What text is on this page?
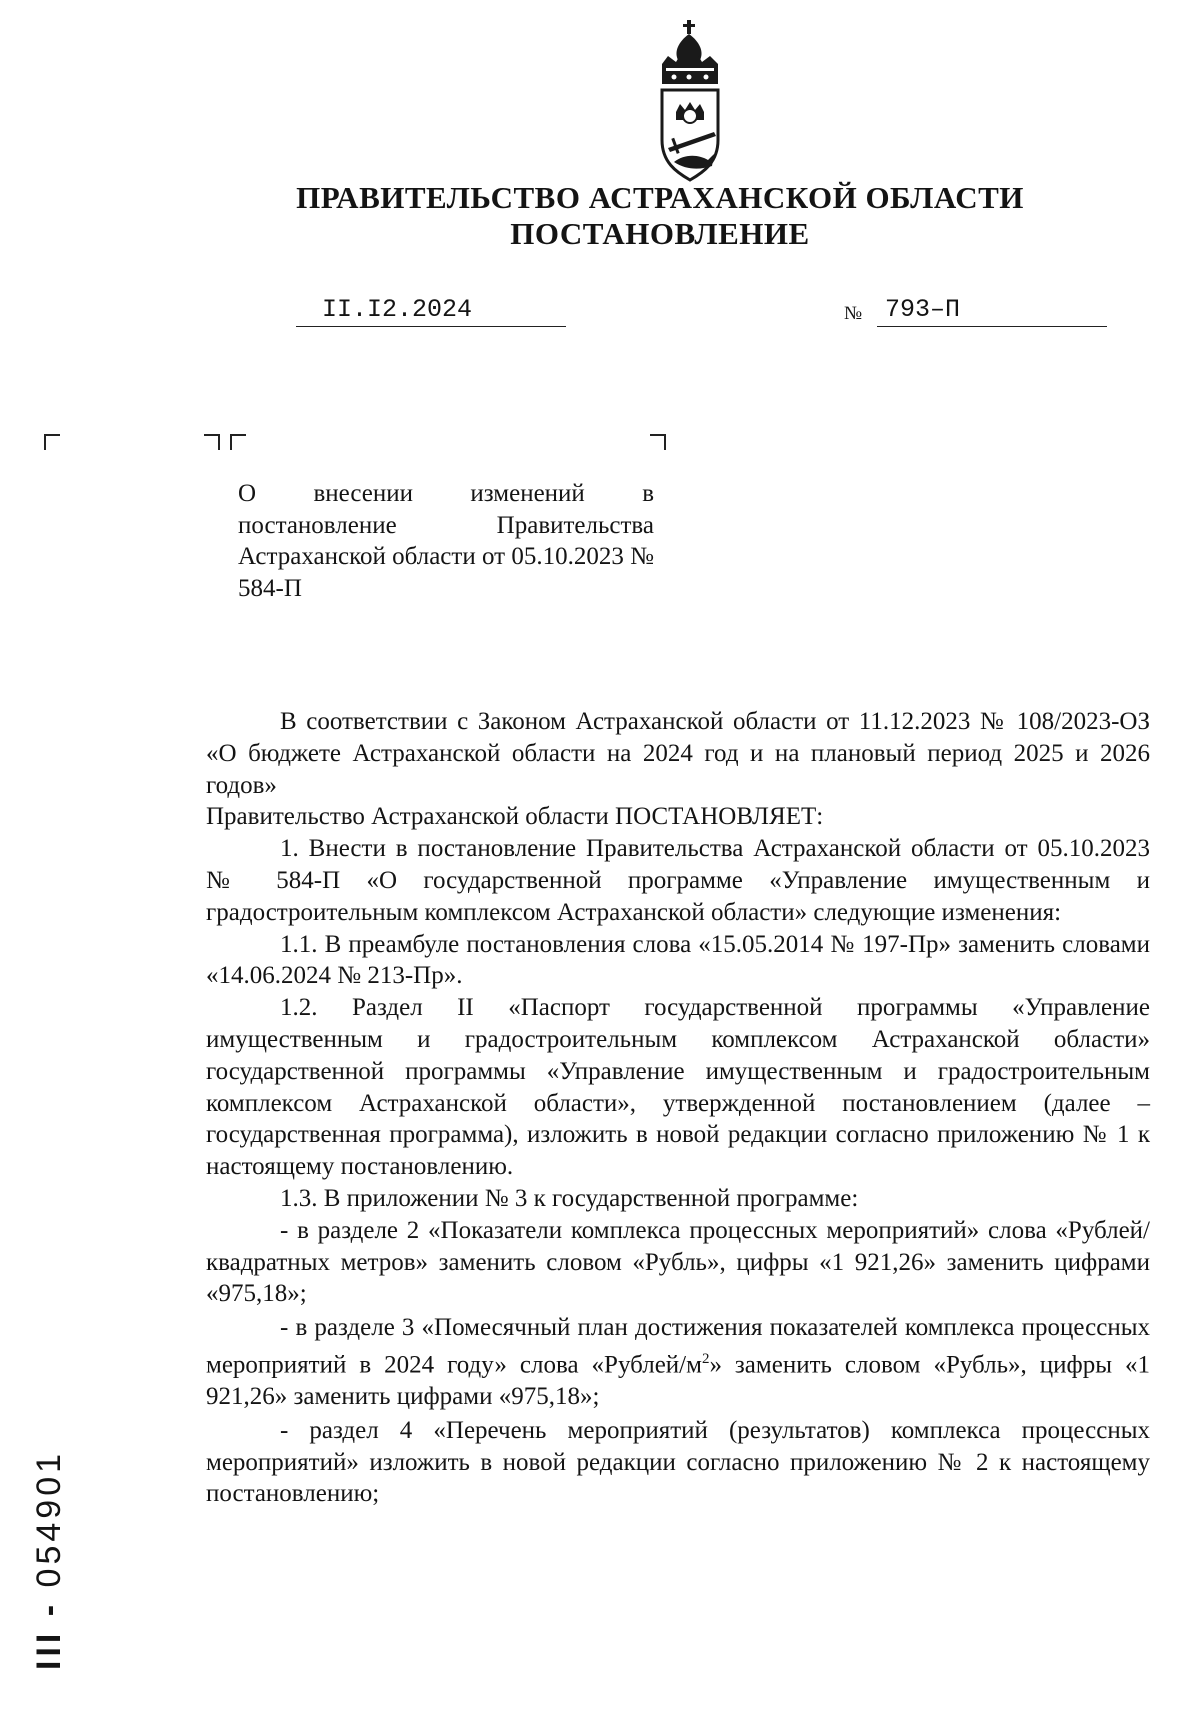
ПРАВИТЕЛЬСТВО АСТРАХАНСКОЙ ОБЛАСТИ
ПОСТАНОВЛЕНИЕ
II.I2.2024	№ 793–П
О внесении изменений в постановление Правительства Астраханской области от 05.10.2023 № 584-П

В соответствии с Законом Астраханской области от 11.12.2023 № 108/2023-ОЗ «О бюджете Астраханской области на 2024 год и на плановый период 2025 и 2026 годов»

Правительство Астраханской области ПОСТАНОВЛЯЕТ:

1. Внести в постановление Правительства Астраханской области от 05.10.2023 № 584-П «О государственной программе «Управление имущественным и градостроительным комплексом Астраханской области» следующие изменения:

1.1. В преамбуле постановления слова «15.05.2014 № 197-Пр» заменить словами «14.06.2024 № 213-Пр».

1.2. Раздел II «Паспорт государственной программы «Управление имущественным и градостроительным комплексом Астраханской области» государственной программы «Управление имущественным и градостроительным комплексом Астраханской области», утвержденной постановлением (далее – государственная программа), изложить в новой редакции согласно приложению № 1 к настоящему постановлению.

1.3. В приложении № 3 к государственной программе:

- в разделе 2 «Показатели комплекса процессных мероприятий» слова «Рублей/квадратных метров» заменить словом «Рубль», цифры «1 921,26» заменить цифрами «975,18»;

- в разделе 3 «Помесячный план достижения показателей комплекса процессных мероприятий в 2024 году» слова «$Рублей/м^2$» заменить словом «Рубль», цифры «1 921,26» заменить цифрами «975,18»;

- раздел 4 «Перечень мероприятий (результатов) комплекса процессных мероприятий» изложить в новой редакции согласно приложению № 2 к настоящему постановлению;

III - 054901
